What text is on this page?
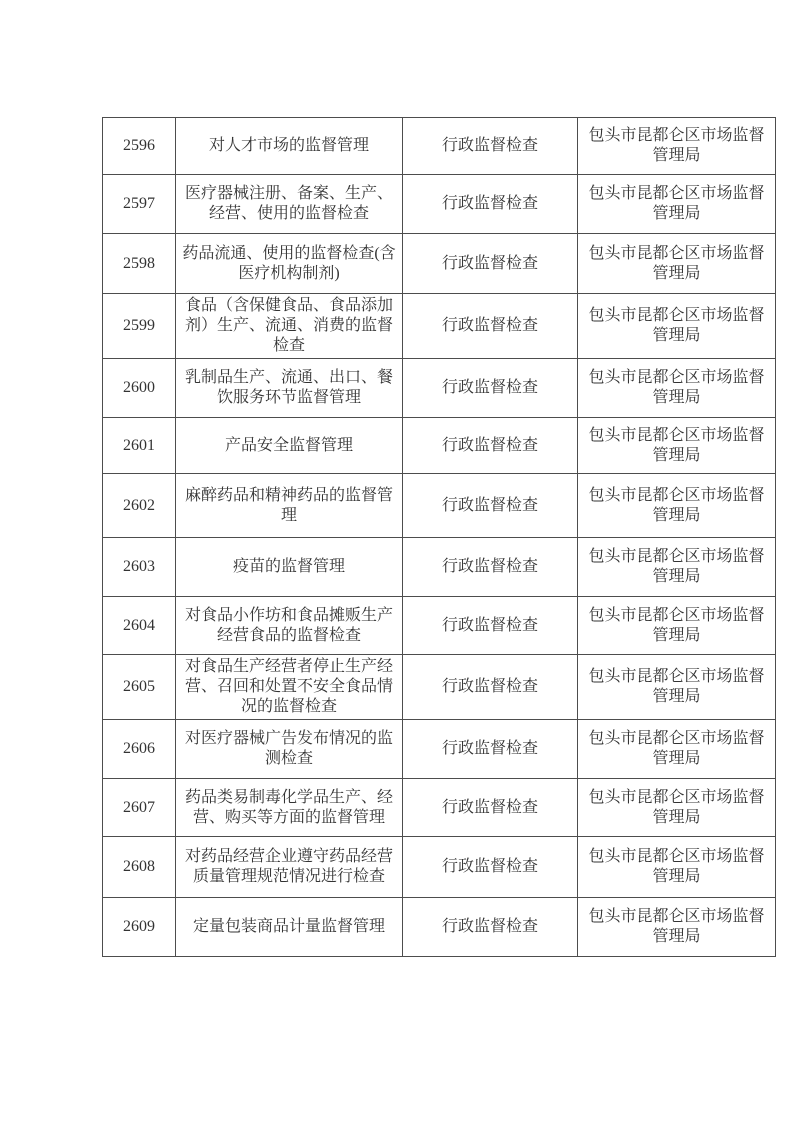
2596	对人才市场的监督管理	行政监督检查	包头市昆都仑区市场监督管理局
2597	医疗器械注册、备案、生产、经营、使用的监督检查	行政监督检查	包头市昆都仑区市场监督管理局
2598	药品流通、使用的监督检查(含医疗机构制剂)	行政监督检查	包头市昆都仑区市场监督管理局
2599	食品（含保健食品、食品添加剂）生产、流通、消费的监督检查	行政监督检查	包头市昆都仑区市场监督管理局
2600	乳制品生产、流通、出口、餐饮服务环节监督管理	行政监督检查	包头市昆都仑区市场监督管理局
2601	产品安全监督管理	行政监督检查	包头市昆都仑区市场监督管理局
2602	麻醉药品和精神药品的监督管理	行政监督检查	包头市昆都仑区市场监督管理局
2603	疫苗的监督管理	行政监督检查	包头市昆都仑区市场监督管理局
2604	对食品小作坊和食品摊贩生产经营食品的监督检查	行政监督检查	包头市昆都仑区市场监督管理局
2605	对食品生产经营者停止生产经营、召回和处置不安全食品情况的监督检查	行政监督检查	包头市昆都仑区市场监督管理局
2606	对医疗器械广告发布情况的监测检查	行政监督检查	包头市昆都仑区市场监督管理局
2607	药品类易制毒化学品生产、经营、购买等方面的监督管理	行政监督检查	包头市昆都仑区市场监督管理局
2608	对药品经营企业遵守药品经营质量管理规范情况进行检查	行政监督检查	包头市昆都仑区市场监督管理局
2609	定量包装商品计量监督管理	行政监督检查	包头市昆都仑区市场监督管理局
